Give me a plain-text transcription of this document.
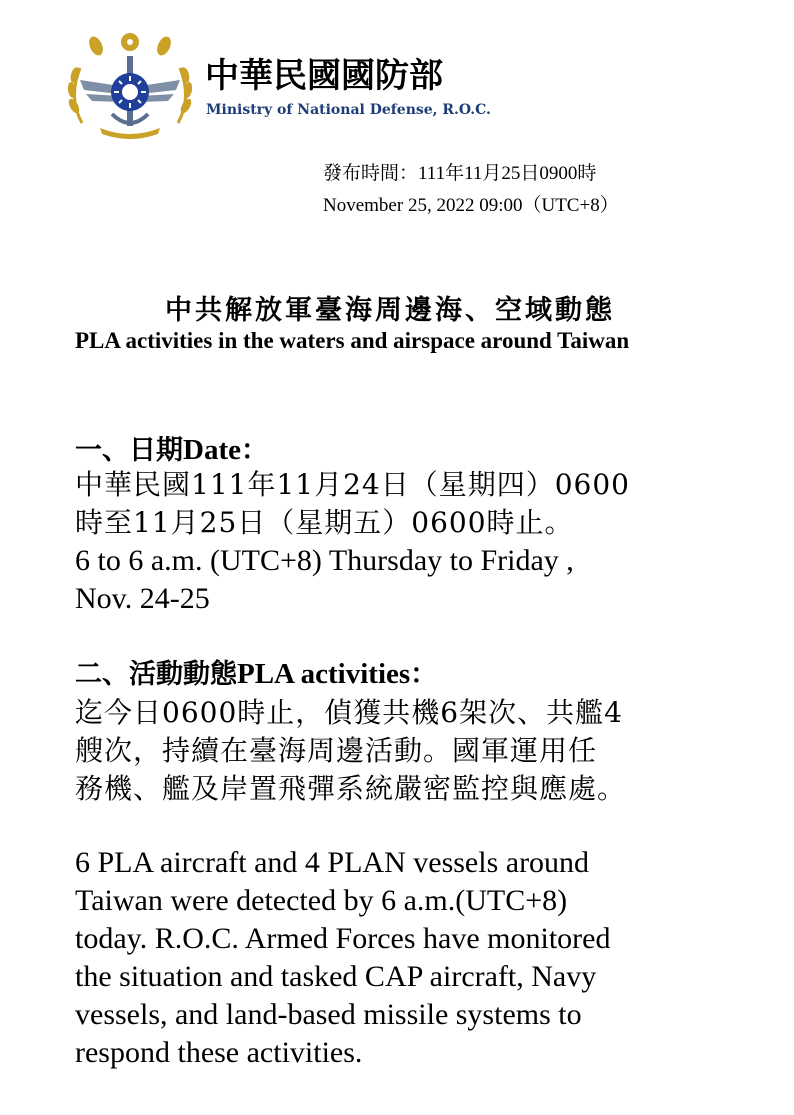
中華民國國防部
Ministry of National Defense, R.O.C.
發布時間：111年11月25日0900時
November 25, 2022 09:00（UTC+8）
中共解放軍臺海周邊海、空域動態
PLA activities in the waters and airspace around Taiwan
一、日期Date：
中華民國111年11月24日（星期四）0600
時至11月25日（星期五）0600時止。
6 to 6 a.m. (UTC+8) Thursday to Friday ,
Nov. 24-25
二、活動動態PLA activities：
迄今日0600時止，偵獲共機6架次、共艦4
艘次，持續在臺海周邊活動。國軍運用任
務機、艦及岸置飛彈系統嚴密監控與應處。
6 PLA aircraft and 4 PLAN vessels around
Taiwan were detected by 6 a.m.(UTC+8)
today. R.O.C. Armed Forces have monitored
the situation and tasked CAP aircraft, Navy
vessels, and land-based missile systems to
respond these activities.
